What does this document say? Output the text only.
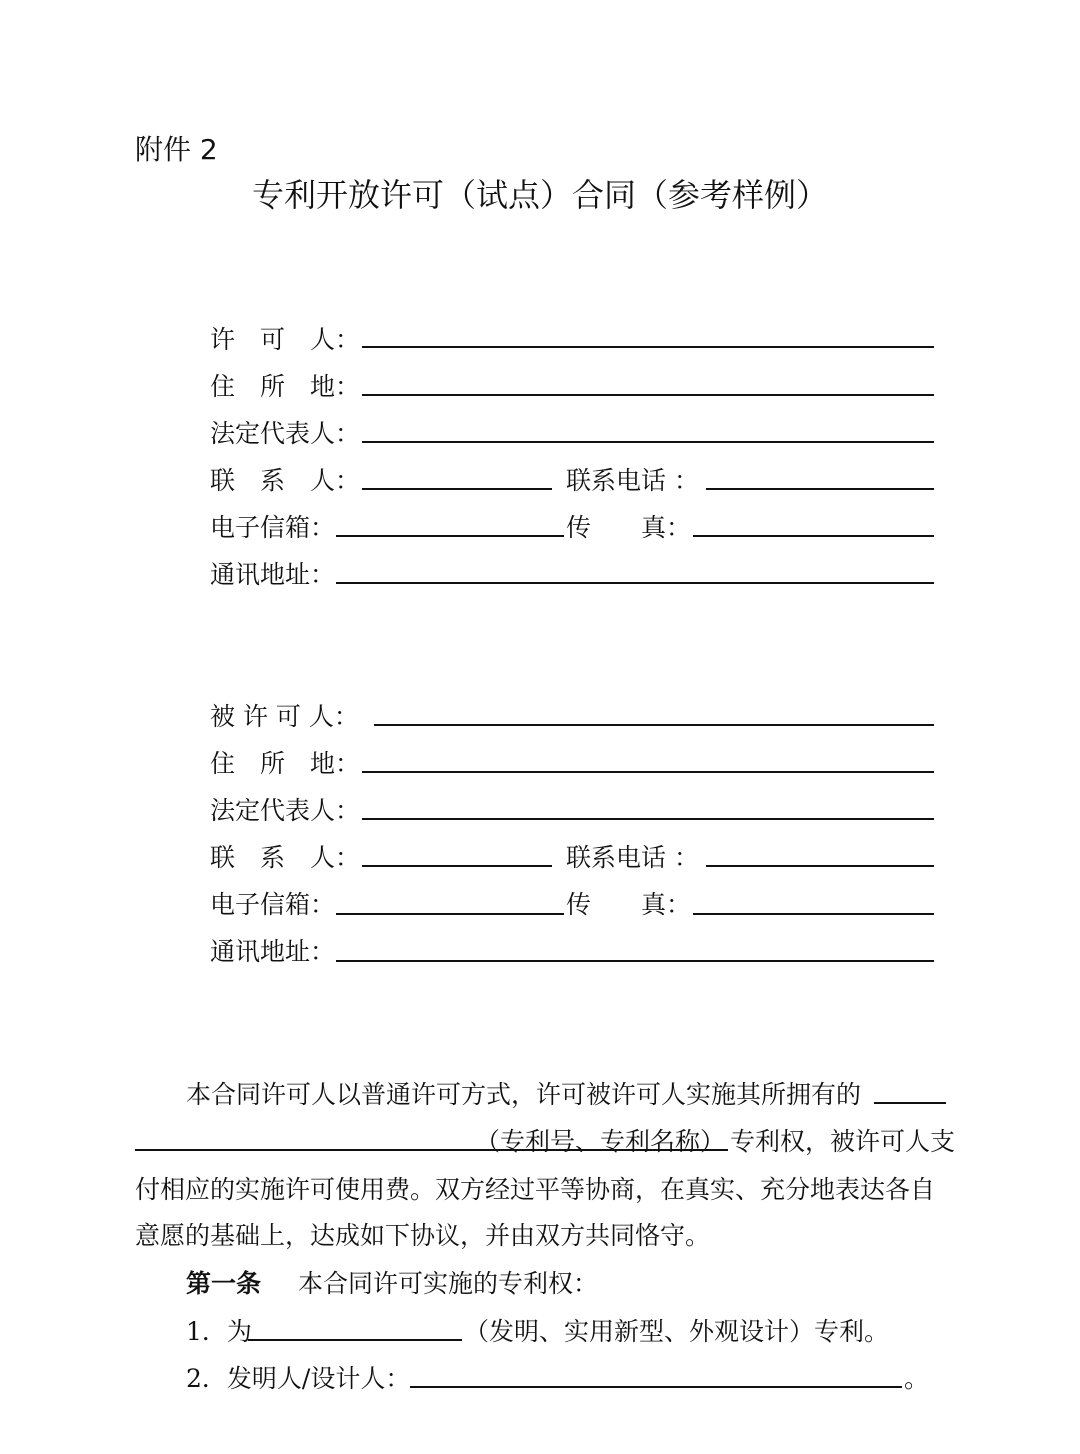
附件 2
专利开放许可（试点）合同（参考样例）
许　可　人：
住　所　地：
法定代表人：
联　系　人：	联系电话 ：
电子信箱：	传　　真：
通讯地址：
被 许 可 人：
住　所　地：
法定代表人：
联　系　人：	联系电话 ：
电子信箱：	传　　真：
通讯地址：
本合同许可人以普通许可方式，许可被许可人实施其所拥有的
（专利号、专利名称） 专利权，被许可人支
付相应的实施许可使用费。双方经过平等协商，在真实、充分地表达各自
意愿的基础上，达成如下协议，并由双方共同恪守。
第一条 本合同许可实施的专利权：
1．为	（发明、实用新型、外观设计）专利。
2．发明人/设计人：	。
